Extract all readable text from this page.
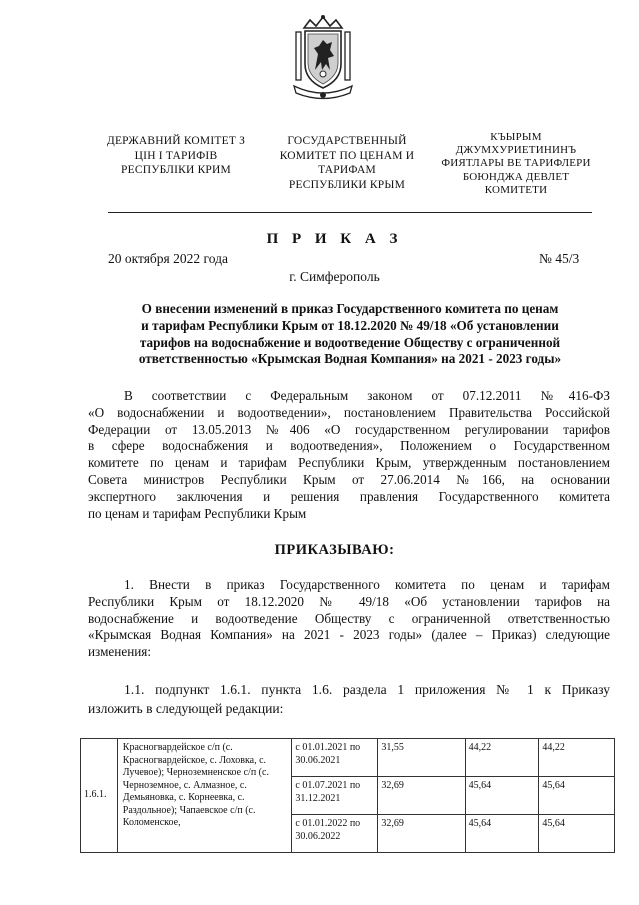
ДЕРЖАВНИЙ КОМІТЕТ З
ЦІН І ТАРИФІВ
РЕСПУБЛІКИ КРИМ
ГОСУДАРСТВЕННЫЙ
КОМИТЕТ ПО ЦЕНАМ И
ТАРИФАМ
РЕСПУБЛИКИ КРЫМ
КЪЫРЫМ
ДЖУМХУРИЕТИНИНЪ
ФИЯТЛАРЫ ВЕ ТАРИФЛЕРИ
БОЮНДЖА ДЕВЛЕТ
КОМИТЕТИ
П Р И К А З
20 октября 2022 года	№ 45/3
г. Симферополь
О внесении изменений в приказ Государственного комитета по ценам
и тарифам Республики Крым от 18.12.2020 № 49/18 «Об установлении
тарифов на водоснабжение и водоотведение Обществу с ограниченной
ответственностью «Крымская Водная Компания» на 2021 - 2023 годы»
В соответствии с Федеральным законом от 07.12.2011 №416-ФЗ
«О водоснабжении и водоотведении», постановлением Правительства Российской
Федерации от 13.05.2013 №406 «О государственном регулировании тарифов
в сфере водоснабжения и водоотведения», Положением о Государственном
комитете по ценам и тарифам Республики Крым, утвержденным постановлением
Совета министров Республики Крым от 27.06.2014 №166, на основании
экспертного заключения и решения правления Государственного комитета
по ценам и тарифам Республики Крым
ПРИКАЗЫВАЮ:
1. Внести в приказ Государственного комитета по ценам и тарифам
Республики Крым от 18.12.2020 № 49/18 «Об установлении тарифов на
водоснабжение и водоотведение Обществу с ограниченной ответственностью
«Крымская Водная Компания» на 2021 - 2023 годы» (далее – Приказ) следующие
изменения:
1.1. подпункт 1.6.1. пункта 1.6. раздела 1 приложения № 1 к Приказу
изложить в следующей редакции:
1.6.1.	Красногвардейское с/п (с. Красногвардейское, с. Лоховка, с. Лучевое); Черноземненское с/п (с. Черноземное, с. Алмазное, с. Демьяновка, с. Корнеевка, с. Раздольное); Чапаевское с/п (с. Коломенское,	с 01.01.2021 по 30.06.2021	31,55	44,22	44,22
		с 01.07.2021 по 31.12.2021	32,69	45,64	45,64
		с 01.01.2022 по 30.06.2022	32,69	45,64	45,64
